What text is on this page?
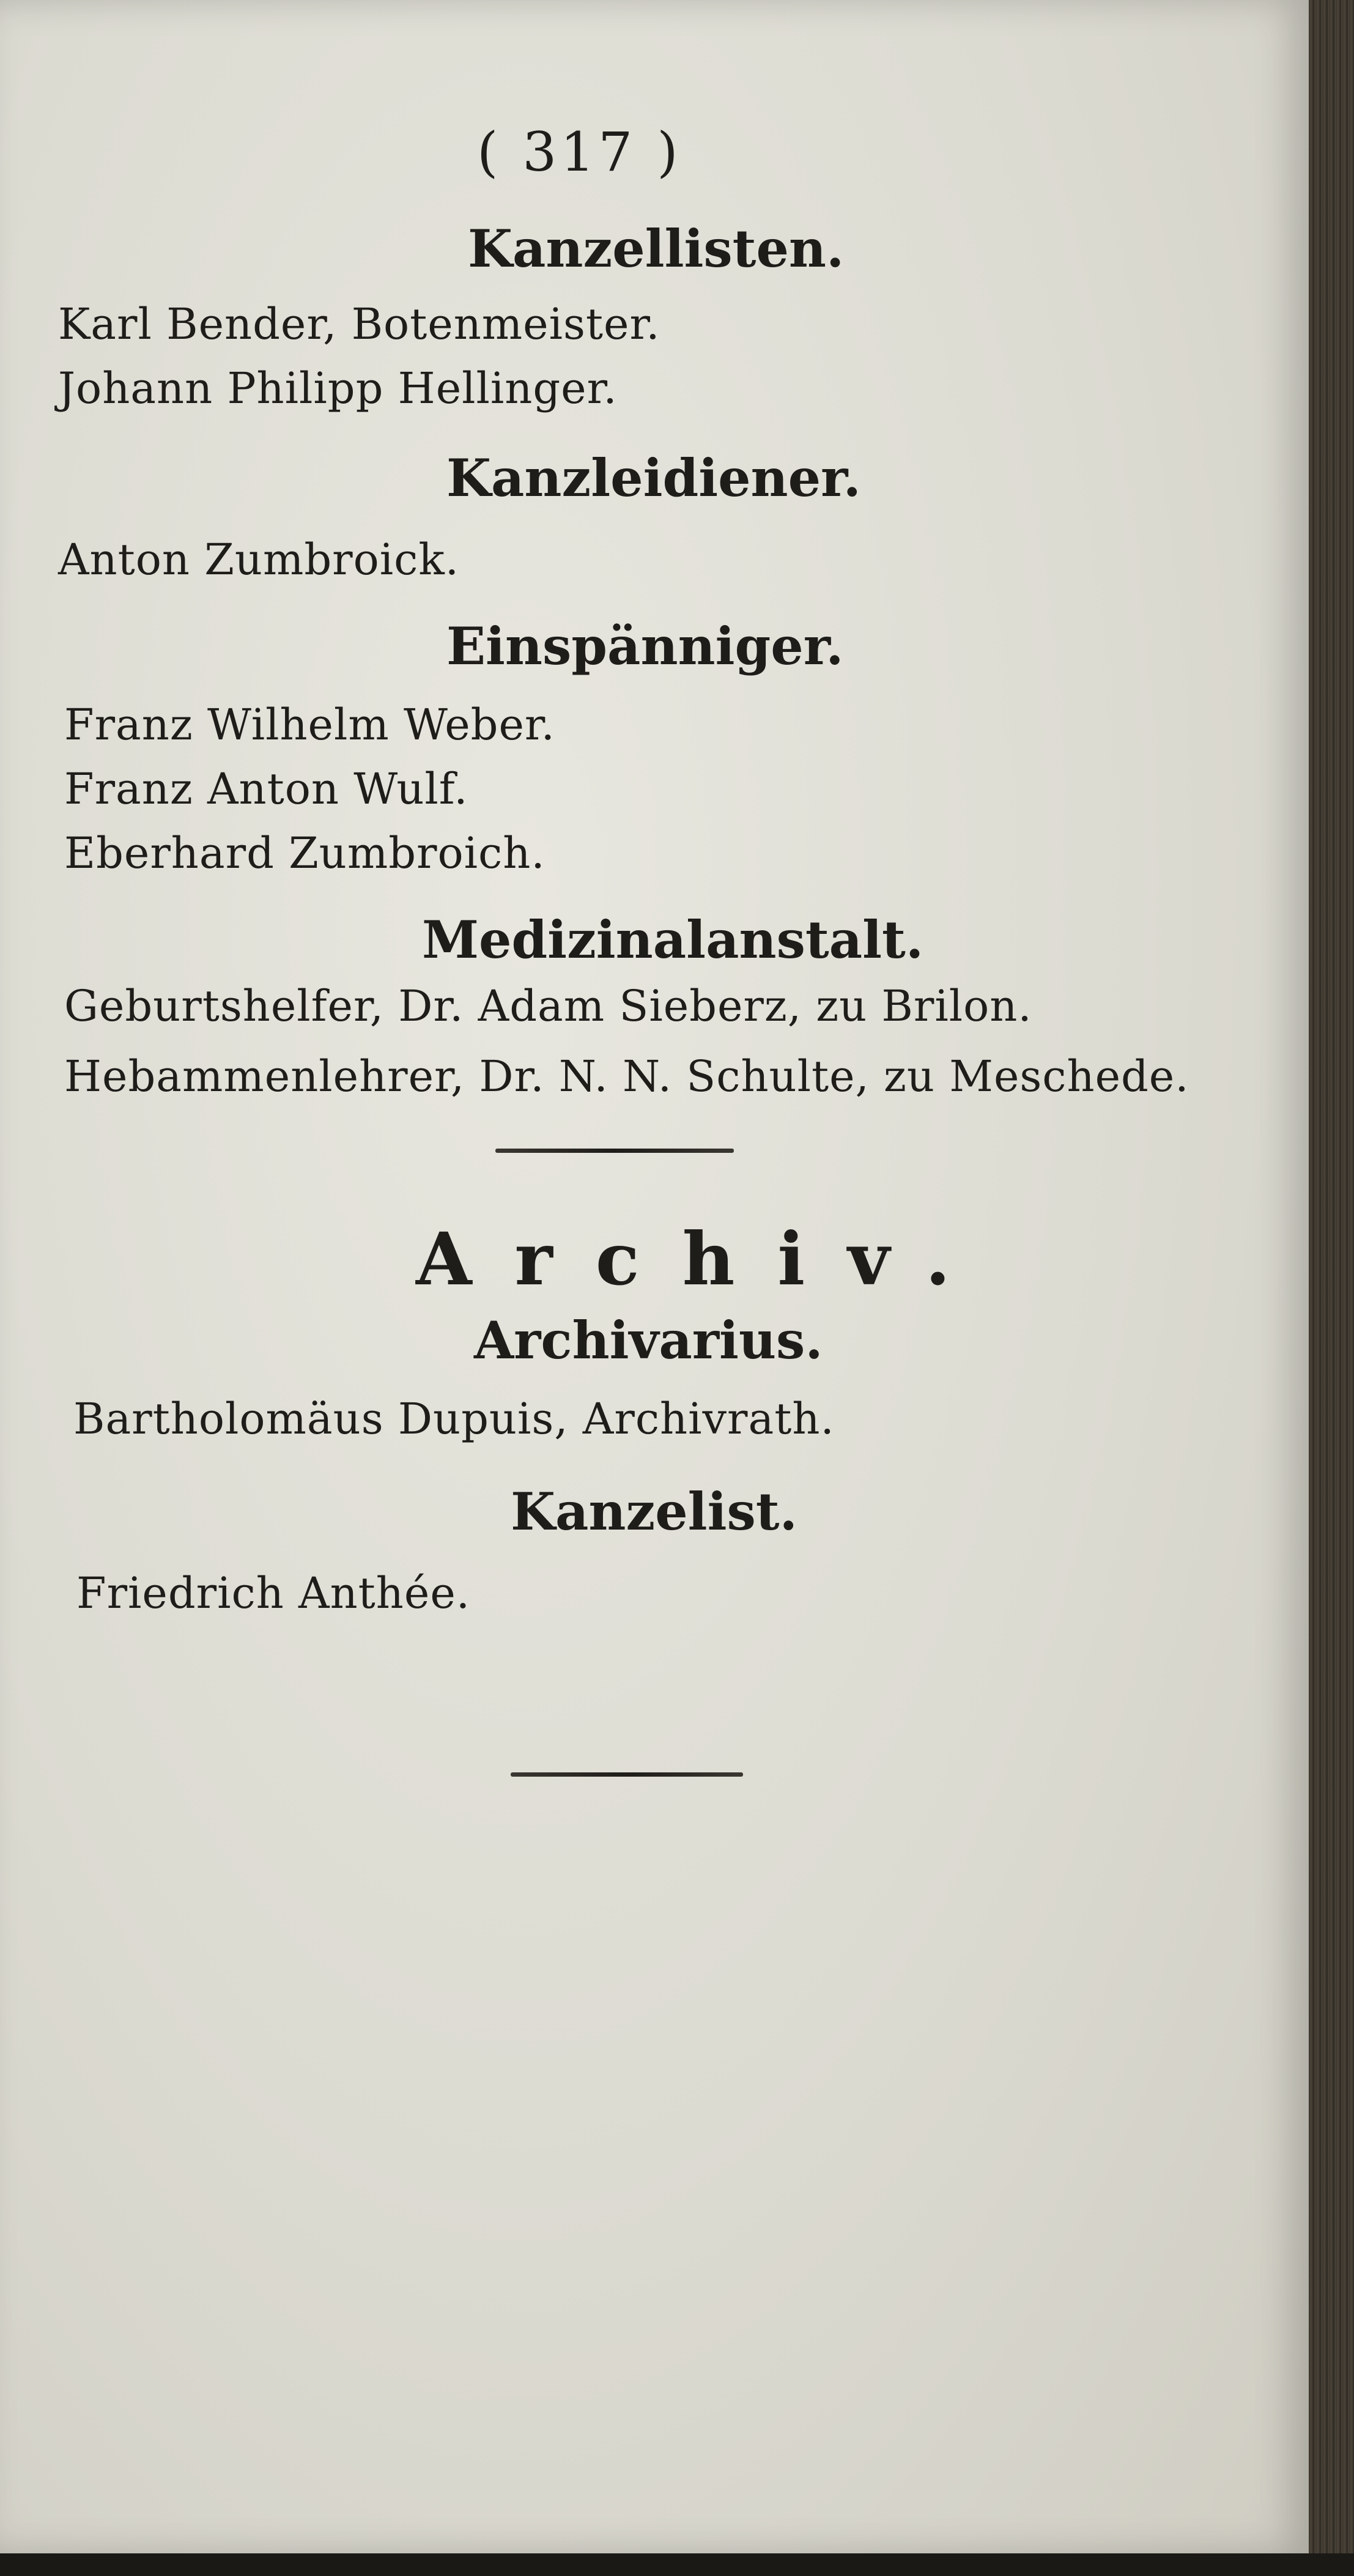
( 317 )
Kanzellisten.
Karl Bender, Botenmeister.
Johann Philipp Hellinger.
Kanzleidiener.
Anton Zumbroick.
Einspänniger.
Franz Wilhelm Weber.
Franz Anton Wulf.
Eberhard Zumbroich.
Medizinalanstalt.
Geburtshelfer, Dr. Adam Sieberz, zu Brilon.
Hebammenlehrer, Dr. N. N. Schulte, zu Meschede.
Archiv.
Archivarius.
Bartholomäus Dupuis, Archivrath.
Kanzelist.
Friedrich Anthée.
